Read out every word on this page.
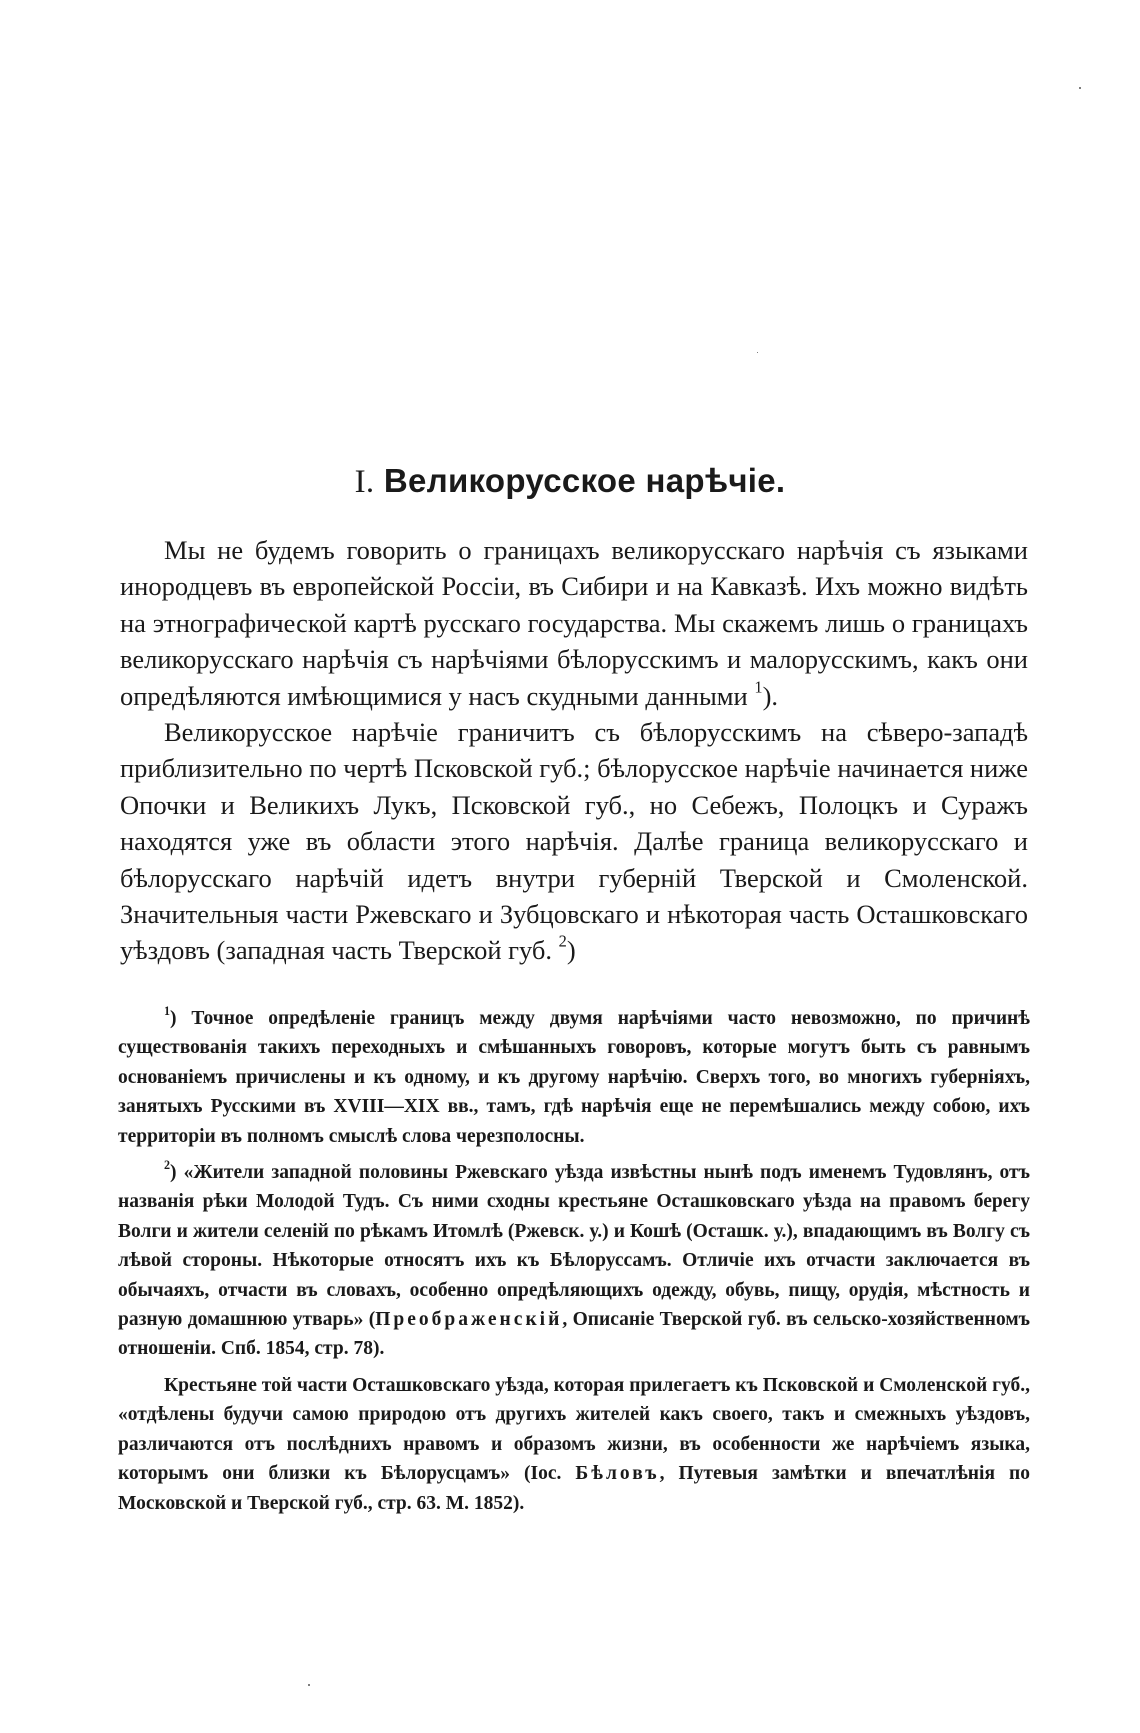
I. Великорусское нарѣчіе.

Мы не будемъ говорить о границахъ великорусскаго нарѣчія съ языками инородцевъ въ европейской Россіи, въ Сибири и на Кавказѣ. Ихъ можно видѣть на этнографической картѣ русскаго государства. Мы скажемъ лишь о границахъ великорусскаго нарѣчія съ нарѣчіями бѣлорусскимъ и малорусскимъ, какъ они опредѣляются имѣющимися у насъ скудными данными $^1$).

Великорусское нарѣчіе граничитъ съ бѣлорусскимъ на сѣверо-западѣ приблизительно по чертѣ Псковской губ.; бѣлорусское нарѣчіе начинается ниже Опочки и Великихъ Лукъ, Псковской губ., но Себежъ, Полоцкъ и Суражъ находятся уже въ области этого нарѣчія. Далѣе граница великорусскаго и бѣлорусскаго нарѣчій идетъ внутри губерній Тверской и Смоленской. Значительныя части Ржевскаго и Зубцовскаго и нѣкоторая часть Осташковскаго уѣздовъ (западная часть Тверской губ. $^2$)

$^1$) Точное опредѣленіе границъ между двумя нарѣчіями часто невозможно, по причинѣ существованія такихъ переходныхъ и смѣшанныхъ говоровъ, которые могутъ быть съ равнымъ основаніемъ причислены и къ одному, и къ другому нарѣчію. Сверхъ того, во многихъ губерніяхъ, занятыхъ Русскими въ XVIII—XIX вв., тамъ, гдѣ нарѣчія еще не перемѣшались между собою, ихъ территоріи въ полномъ смыслѣ слова черезполосны.

$^2$) «Жители западной половины Ржевскаго уѣзда извѣстны нынѣ подъ именемъ Тудовлянъ, отъ названія рѣки Молодой Тудъ. Съ ними сходны крестьяне Осташковскаго уѣзда на правомъ берегу Волги и жители селеній по рѣкамъ Итомлѣ (Ржевск. у.) и Кошѣ (Осташк. у.), впадающимъ въ Волгу съ лѣвой стороны. Нѣкоторые относятъ ихъ къ Бѣлоруссамъ. Отличіе ихъ отчасти заключается въ обычаяхъ, отчасти въ словахъ, особенно опредѣляющихъ одежду, обувь, пищу, орудія, мѣстность и разную домашнюю утварь» (Преображенскій, Описаніе Тверской губ. въ сельско-хозяйственномъ отношеніи. Спб. 1854, стр. 78).

Крестьяне той части Осташковскаго уѣзда, которая прилегаетъ къ Псковской и Смоленской губ., «отдѣлены будучи самою природою отъ другихъ жителей какъ своего, такъ и смежныхъ уѣздовъ, различаются отъ послѣднихъ нравомъ и образомъ жизни, въ особенности же нарѣчіемъ языка, которымъ они близки къ Бѣлорусцамъ» (Іос. Бѣловъ, Путевыя замѣтки и впечатлѣнія по Московской и Тверской губ., стр. 63. М. 1852).
